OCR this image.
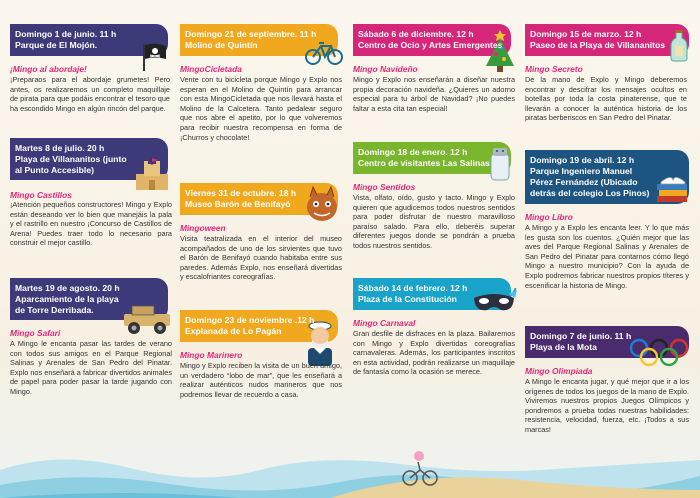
Domingo 1 de junio. 11 h
Parque de El Mojón.
¡Mingo al abordaje!
¡Preparaos para el abordaje grumetes! Pero antes, os realizaremos un completo maquillaje de pirata para que podáis encontrar el tesoro que ha escondido Mingo en algún rincón del parque.
Martes 8 de julio. 20 h
Playa de Villananitos (junto al Punto Accesible)
Mingo Castillos
¡Atención pequeños constructores! Mingo y Explo están deseando ver lo bien que manejáis la pala y el rastrillo en nuestro ¡Concurso de Castillos de Arena! Puedes traer todo lo necesario para construir el mejor castillo.
Martes 19 de agosto. 20 h
Aparcamiento de la playa de Torre Derribada.
Mingo Safari
A Mingo le encanta pasar las tardes de verano con todos sus amigos en el Parque Regional Salinas y Arenales de San Pedro del Pinatar. Explo nos enseñará a fabricar divertidos animales de papel para poder pasar la tarde jugando con Mingo.
Domingo 21 de septiembre. 11 h
Molino de Quintín
MingoCicletada
Vente con tu bicicleta porque Mingo y Explo nos esperan en el Molino de Quintín para arrancar con esta MingoCicletada que nos llevará hasta el Molino de la Calcetera. Tanto pedalear seguro que nos abre el apetito, por lo que volveremos para recibir nuestra recompensa en forma de ¡Churros y chocolate!
Viernes 31 de octubre. 18 h
Museo Barón de Benifayó
Mingoween
Visita teatralizada en el interior del museo acompañados de uno de los sirvientes que tuvo el Barón de Benifayó cuando habitaba entre sus paredes. Además Explo, nos enseñará divertidas y escalofriantes coreografías.
Domingo 23 de noviembre .12 h
Explanada de Lo Pagán
Mingo Marinero
Mingo y Explo reciben la visita de un buen amigo, un verdadero “lobo de mar”, que les enseñará a realizar auténticos nudos marineros que nos podremos llevar de recuerdo a casa.
Sábado 6 de diciembre. 12 h
Centro de Ocio y Artes Emergentes
Mingo Navideño
Mingo y Explo nos enseñarán a diseñar nuestra propia decoración navideña. ¿Quieres un adorno especial para tu árbol de Navidad? ¡No puedes faltar a esta cita tan especial!
Domingo 18 de enero. 12 h
Centro de visitantes Las Salinas
Mingo Sentidos
Vista, olfato, oído, gusto y tacto. Mingo y Explo quieren que agudicemos todos nuestros sentidos para poder disfrutar de nuestro maravilloso paraíso salado. Para ello, deberéis superar diferentes juegos donde se pondrán a prueba todos nuestros sentidos.
Sábado 14 de febrero. 12 h
Plaza de la Constitución
Mingo Carnaval
Gran desfile de disfraces en la plaza. Bailaremos con Mingo y Explo divertidas coreografías carnavaleras. Además, los participantes inscritos en esta actividad, podrán realizarse un maquillaje de fantasía como la ocasión se merece.
Domingo 15 de marzo. 12 h
Paseo de la Playa de Villananitos
Mingo Secreto
De la mano de Explo y Mingo deberemos encontrar y descifrar los mensajes ocultos en botellas por toda la costa pinaterense, que te llevarán a conocer la auténtica historia de los piratas berberiscos en San Pedro del Pinatar.
Domingo 19 de abril. 12 h
Parque Ingeniero Manuel Pérez Fernández (Ubicado detrás del colegio Los Pinos)
Mingo Libro
A Mingo y a Explo les encanta leer. Y lo que más les gusta son los cuentos. ¿Quién mejor que las aves del Parque Regional Salinas y Arenales de San Pedro del Pinatar para contarnos cómo llegó Mingo a nuestro municipio? Con la ayuda de Explo podremos fabricar nuestros propios títeres y escenificar la historia de Mingo.
Domingo 7 de junio. 11 h
Playa de la Mota
Mingo Olimpiada
A Mingo le encanta jugar, y qué mejor que ir a los orígenes de todos los juegos de la mano de Explo. Viviremos nuestros propios Juegos Olímpicos y pondremos a prueba todas nuestras habilidades: resistencia, velocidad, fuerza, etc. ¡Todos a sus marcas!
